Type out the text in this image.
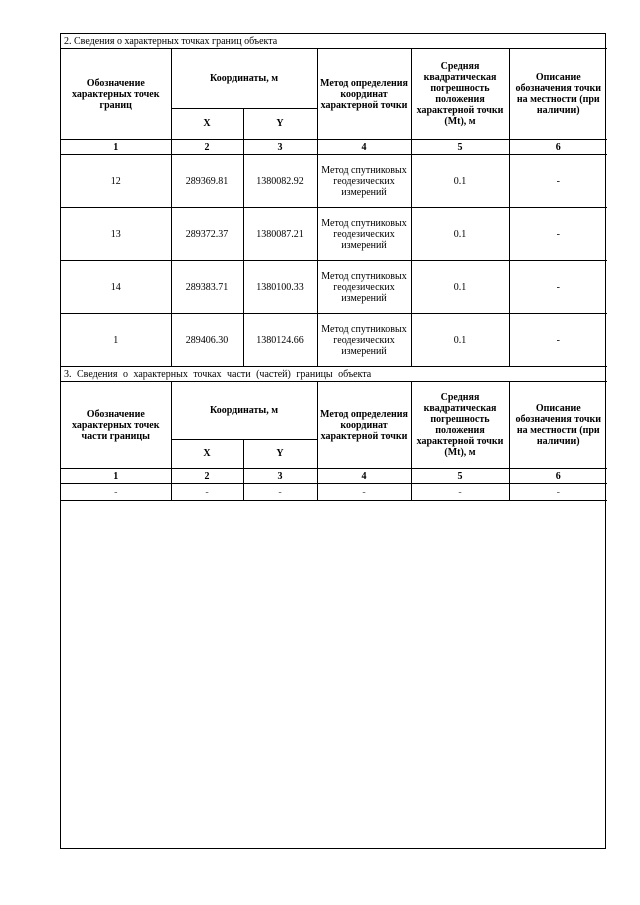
2. Сведения о характерных точках границ объекта					
Обозначение характерных точек границ	Координаты, м		Метод определения координат характерной точки	Средняя квадратическая погрешность положения характерной точки (Mt), м	Описание обозначения точки на местности (при наличии)
	X	Y			
1	2	3	4	5	6
12	289369.81	1380082.92	Метод спутниковых геодезических измерений	0.1	-
13	289372.37	1380087.21	Метод спутниковых геодезических измерений	0.1	-
14	289383.71	1380100.33	Метод спутниковых геодезических измерений	0.1	-
1	289406.30	1380124.66	Метод спутниковых геодезических измерений	0.1	-
3. Сведения о характерных точках части (частей) границы объекта					
Обозначение характерных точек части границы	Координаты, м		Метод определения координат характерной точки	Средняя квадратическая погрешность положения характерной точки (Mt), м	Описание обозначения точки на местности (при наличии)
	X	Y			
1	2	3	4	5	6
-	-	-	-	-	-
